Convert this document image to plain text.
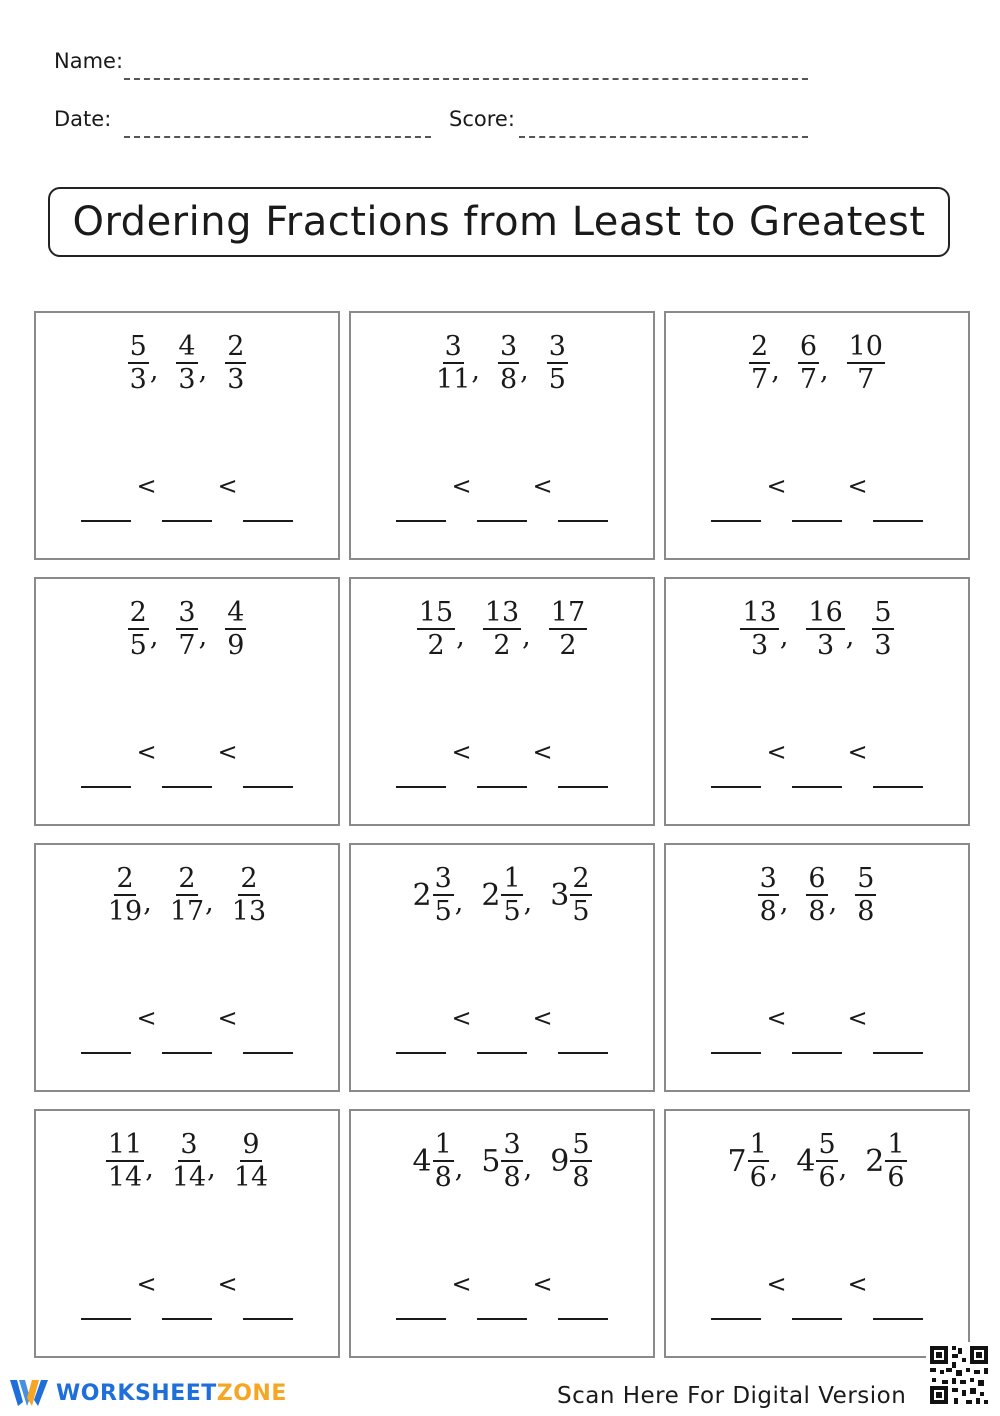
Name:
Date:	Score:
Ordering Fractions from Least to Greatest
$\frac{5}{3}$ , $\frac{4}{3}$ , $\frac{2}{3}$
<	<
$\frac{3}{11}$ , $\frac{3}{8}$ , $\frac{3}{5}$
<	<
$\frac{2}{7}$ , $\frac{6}{7}$ , $\frac{10}{7}$
<	<
$\frac{2}{5}$ , $\frac{3}{7}$ , $\frac{4}{9}$
<	<
$\frac{15}{2}$ , $\frac{13}{2}$ , $\frac{17}{2}$
<	<
$\frac{13}{3}$ , $\frac{16}{3}$ , $\frac{5}{3}$
<	<
$\frac{2}{19}$ , $\frac{2}{17}$ , $\frac{2}{13}$
<	<
$2 \frac{3}{5}$ , $2 \frac{1}{5}$ , $3 \frac{2}{5}$
<	<
$\frac{3}{8}$ , $\frac{6}{8}$ , $\frac{5}{8}$
<	<
$\frac{11}{14}$ , $\frac{3}{14}$ , $\frac{9}{14}$
<	<
$4 \frac{1}{8}$ , $5 \frac{3}{8}$ , $9 \frac{5}{8}$
<	<
$7 \frac{1}{6}$ , $4 \frac{5}{6}$ , $2 \frac{1}{6}$
<	<
WORKSHEETZONE	Scan Here For Digital Version
